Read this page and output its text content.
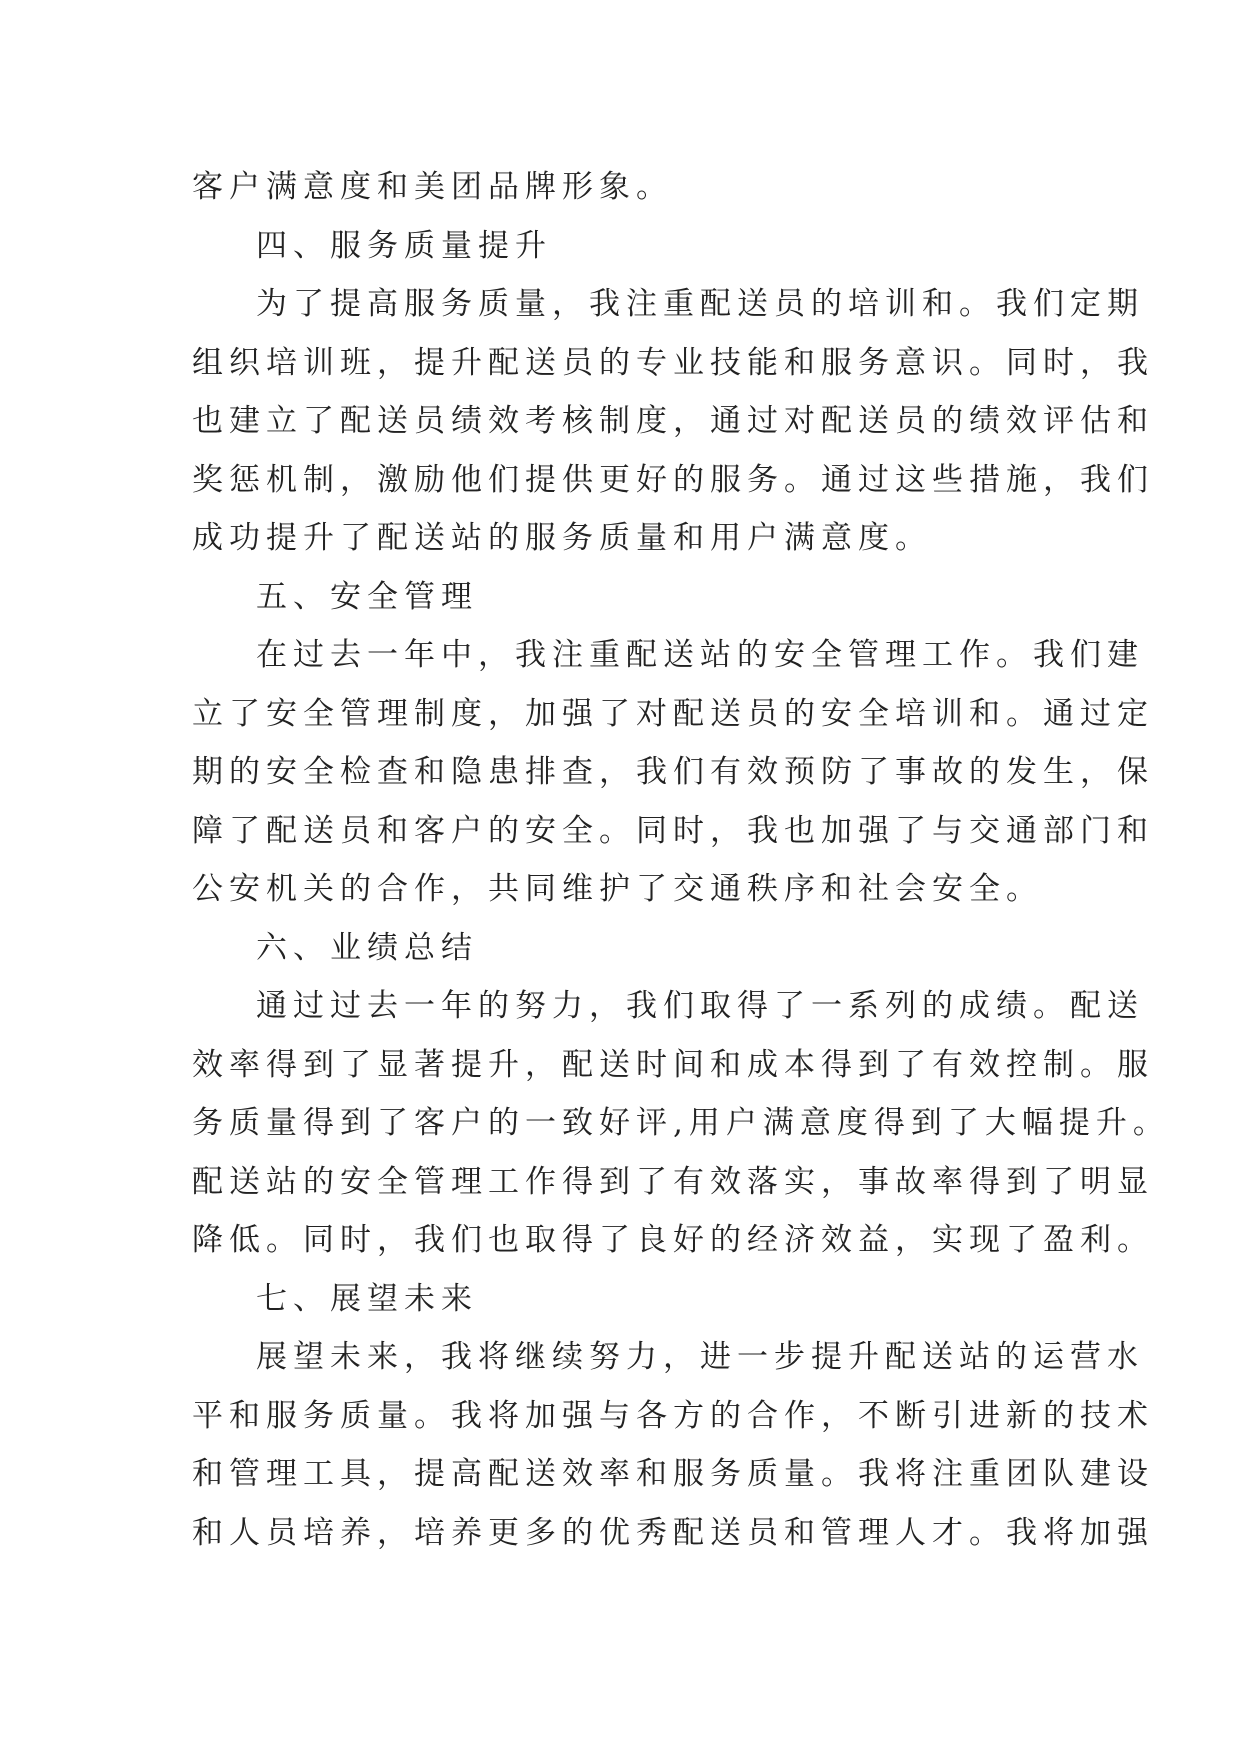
客户满意度和美团品牌形象。
四、服务质量提升
为了提高服务质量，我注重配送员的培训和。我们定期
组织培训班，提升配送员的专业技能和服务意识。同时，我
也建立了配送员绩效考核制度，通过对配送员的绩效评估和
奖惩机制，激励他们提供更好的服务。通过这些措施，我们
成功提升了配送站的服务质量和用户满意度。
五、安全管理
在过去一年中，我注重配送站的安全管理工作。我们建
立了安全管理制度，加强了对配送员的安全培训和。通过定
期的安全检查和隐患排查，我们有效预防了事故的发生，保
障了配送员和客户的安全。同时，我也加强了与交通部门和
公安机关的合作，共同维护了交通秩序和社会安全。
六、业绩总结
通过过去一年的努力，我们取得了一系列的成绩。配送
效率得到了显著提升，配送时间和成本得到了有效控制。服
务质量得到了客户的一致好评,用户满意度得到了大幅提升。
配送站的安全管理工作得到了有效落实，事故率得到了明显
降低。同时，我们也取得了良好的经济效益，实现了盈利。
七、展望未来
展望未来，我将继续努力，进一步提升配送站的运营水
平和服务质量。我将加强与各方的合作，不断引进新的技术
和管理工具，提高配送效率和服务质量。我将注重团队建设
和人员培养，培养更多的优秀配送员和管理人才。我将加强
